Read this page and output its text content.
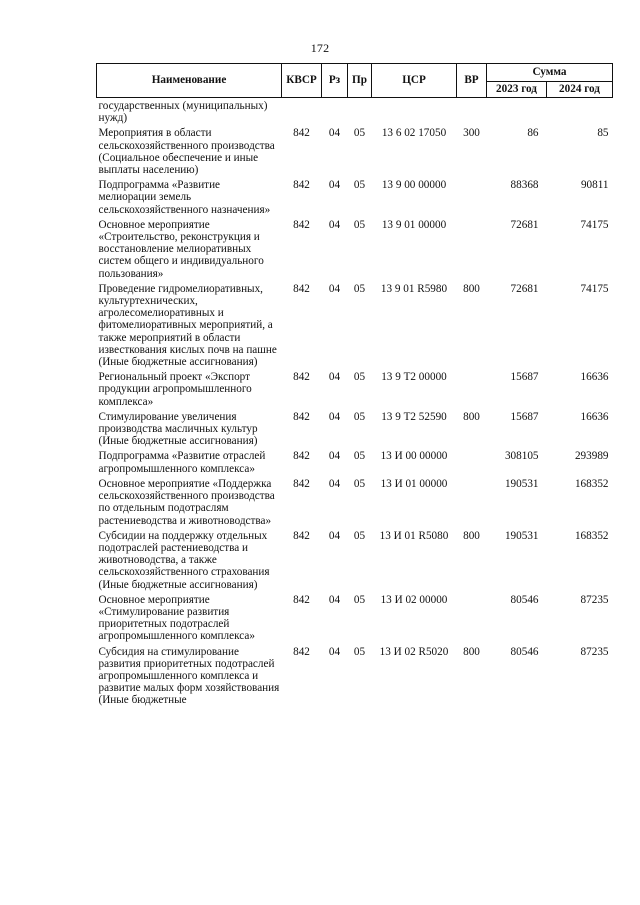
172
Наименование	КВСР	Рз	Пр	ЦСР	ВР	Сумма	
						2023 год	2024 год
государственных (муниципальных) нужд)							
Мероприятия в области сельскохозяйственного производства (Социальное обеспечение и иные выплаты населению)	842	04	05	13 6 02 17050	300	86	85
Подпрограмма «Развитие мелиорации земель сельскохозяйственного назначения»	842	04	05	13 9 00 00000		88368	90811
Основное мероприятие «Строительство, реконструкция и восстановление мелиоративных систем общего и индивидуального пользования»	842	04	05	13 9 01 00000		72681	74175
Проведение гидромелиоративных, культуртехнических, агролесомелиоративных и фитомелиоративных мероприятий, а также мероприятий в области известкования кислых почв на пашне (Иные бюджетные ассигнования)	842	04	05	13 9 01 R5980	800	72681	74175
Региональный проект «Экспорт продукции агропромышленного комплекса»	842	04	05	13 9 Т2 00000		15687	16636
Стимулирование увеличения производства масличных культур (Иные бюджетные ассигнования)	842	04	05	13 9 Т2 52590	800	15687	16636
Подпрограмма «Развитие отраслей агропромышленного комплекса»	842	04	05	13 И 00 00000		308105	293989
Основное мероприятие «Поддержка сельскохозяйственного производства по отдельным подотраслям растениеводства и животноводства»	842	04	05	13 И 01 00000		190531	168352
Субсидии на поддержку отдельных подотраслей растениеводства и животноводства, а также сельскохозяйственного страхования (Иные бюджетные ассигнования)	842	04	05	13 И 01 R5080	800	190531	168352
Основное мероприятие «Стимулирование развития приоритетных подотраслей агропромышленного комплекса»	842	04	05	13 И 02 00000		80546	87235
Субсидия на стимулирование развития приоритетных подотраслей агропромышленного комплекса и развитие малых форм хозяйствования (Иные бюджетные	842	04	05	13 И 02 R5020	800	80546	87235
